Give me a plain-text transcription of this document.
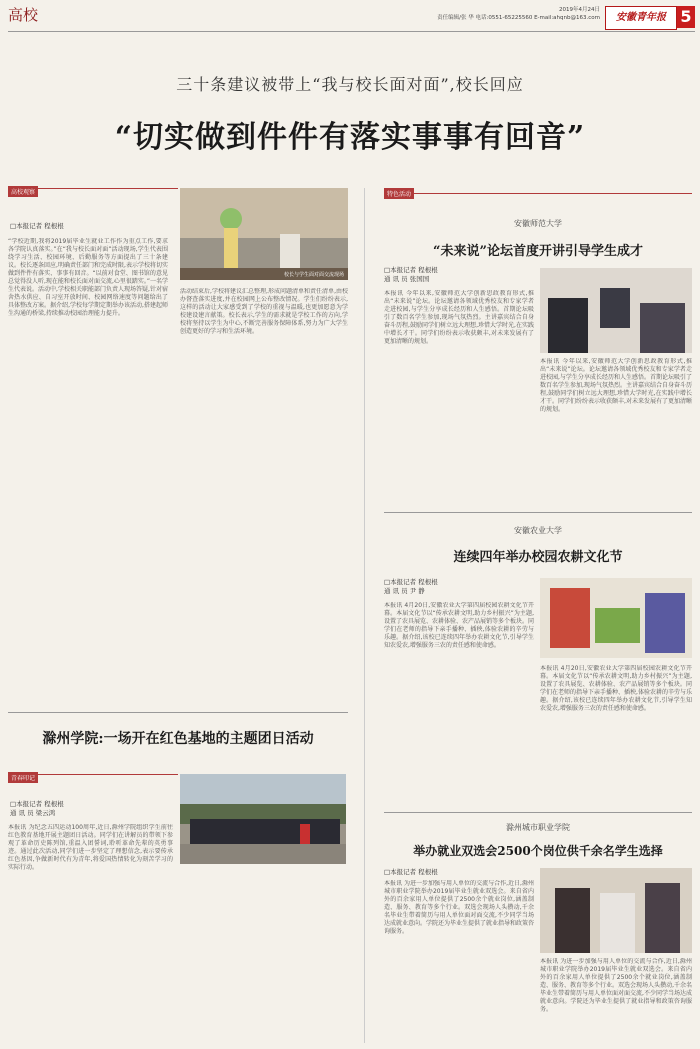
高校	2019年4月24日
责任编辑/张 华 电话:0551-65225560 E-mail:ahqnb@163.com	安徽青年报 5
三十条建议被带上“我与校长面对面”,校长回应
“切实做到件件有落实事事有回音”
高校观察
□本报记者 程根根
“学校近期,我将2019届毕业生就业工作作为重点工作,要求各学院认真落实。”在“我与校长面对面”活动现场,学生代表围绕学习生活、校园环境、后勤服务等方面提出了三十条建议。校长逐条回应,明确责任部门和完成时限,表示学校将切实做到件件有落实、事事有回音。“以前对食堂、图书馆的意见总觉得没人听,现在能和校长面对面交流,心里很踏实。”一名学生代表说。活动中,学校相关职能部门负责人现场答疑,针对宿舍热水供应、自习室开放时间、校园网络速度等问题给出了具体整改方案。据介绍,学校每学期定期举办该活动,搭建起师生沟通的桥梁,持续推动校园治理能力提升。
校长与学生面对面交流现场
活动结束后,学校将建议汇总整理,形成问题清单和责任清单,由校办督查落实进度,并在校园网上公布整改情况。学生们纷纷表示,这样的活动让大家感受到了学校的重视与温暖,也更加愿意为学校建设建言献策。校长表示,学生的需求就是学校工作的方向,学校将坚持以学生为中心,不断完善服务保障体系,努力为广大学生创造更好的学习和生活环境。
滁州学院:一场开在红色基地的主题团日活动
青春印记
□本报记者 程根根
通 讯 员 梁云鸿
本报讯 为纪念五四运动100周年,近日,滁州学院组织学生前往红色教育基地开展主题团日活动。同学们在讲解员的带领下参观了革命历史陈列馆,重温入团誓词,聆听革命先辈的英勇事迹。通过此次活动,同学们进一步坚定了理想信念,表示要传承红色基因,争做新时代有为青年,将爱国热情转化为刻苦学习的实际行动。
特色活动
安徽师范大学
“未来说”论坛首度开讲引导学生成才
□本报记者 程根根
通 讯 员 张国国
本报讯 今年以来,安徽师范大学创新思政教育形式,推出“未来说”论坛。论坛邀请各领域优秀校友和专家学者走进校园,与学生分享成长经历和人生感悟。首期论坛吸引了数百名学生参加,现场气氛热烈。主讲嘉宾结合自身奋斗历程,鼓励同学们树立远大理想,珍惜大学时光,在实践中增长才干。同学们纷纷表示收获颇丰,对未来发展有了更加清晰的规划。
本报讯 今年以来,安徽师范大学创新思政教育形式,推出“未来说”论坛。论坛邀请各领域优秀校友和专家学者走进校园,与学生分享成长经历和人生感悟。首期论坛吸引了数百名学生参加,现场气氛热烈。主讲嘉宾结合自身奋斗历程,鼓励同学们树立远大理想,珍惜大学时光,在实践中增长才干。同学们纷纷表示收获颇丰,对未来发展有了更加清晰的规划。
安徽农业大学
连续四年举办校园农耕文化节
□本报记者 程根根
通 讯 员 尹 静
本报讯 4月20日,安徽农业大学第四届校园农耕文化节开幕。本届文化节以“传承农耕文明,助力乡村振兴”为主题,设置了农具展览、农耕体验、农产品展销等多个板块。同学们在老师的指导下亲手播种、插秧,体验农耕的辛劳与乐趣。据介绍,该校已连续四年举办农耕文化节,引导学生知农爱农,增强服务三农的责任感和使命感。
本报讯 4月20日,安徽农业大学第四届校园农耕文化节开幕。本届文化节以“传承农耕文明,助力乡村振兴”为主题,设置了农具展览、农耕体验、农产品展销等多个板块。同学们在老师的指导下亲手播种、插秧,体验农耕的辛劳与乐趣。据介绍,该校已连续四年举办农耕文化节,引导学生知农爱农,增强服务三农的责任感和使命感。
滁州城市职业学院
举办就业双选会2500个岗位供千余名学生选择
□本报记者 程根根
本报讯 为进一步加强与用人单位的交流与合作,近日,滁州城市职业学院举办2019届毕业生就业双选会。来自省内外的百余家用人单位提供了2500余个就业岗位,涵盖制造、服务、教育等多个行业。双选会现场人头攒动,千余名毕业生带着简历与用人单位面对面交流,不少同学当场达成就业意向。学院还为毕业生提供了就业指导和政策咨询服务。
本报讯 为进一步加强与用人单位的交流与合作,近日,滁州城市职业学院举办2019届毕业生就业双选会。来自省内外的百余家用人单位提供了2500余个就业岗位,涵盖制造、服务、教育等多个行业。双选会现场人头攒动,千余名毕业生带着简历与用人单位面对面交流,不少同学当场达成就业意向。学院还为毕业生提供了就业指导和政策咨询服务。
